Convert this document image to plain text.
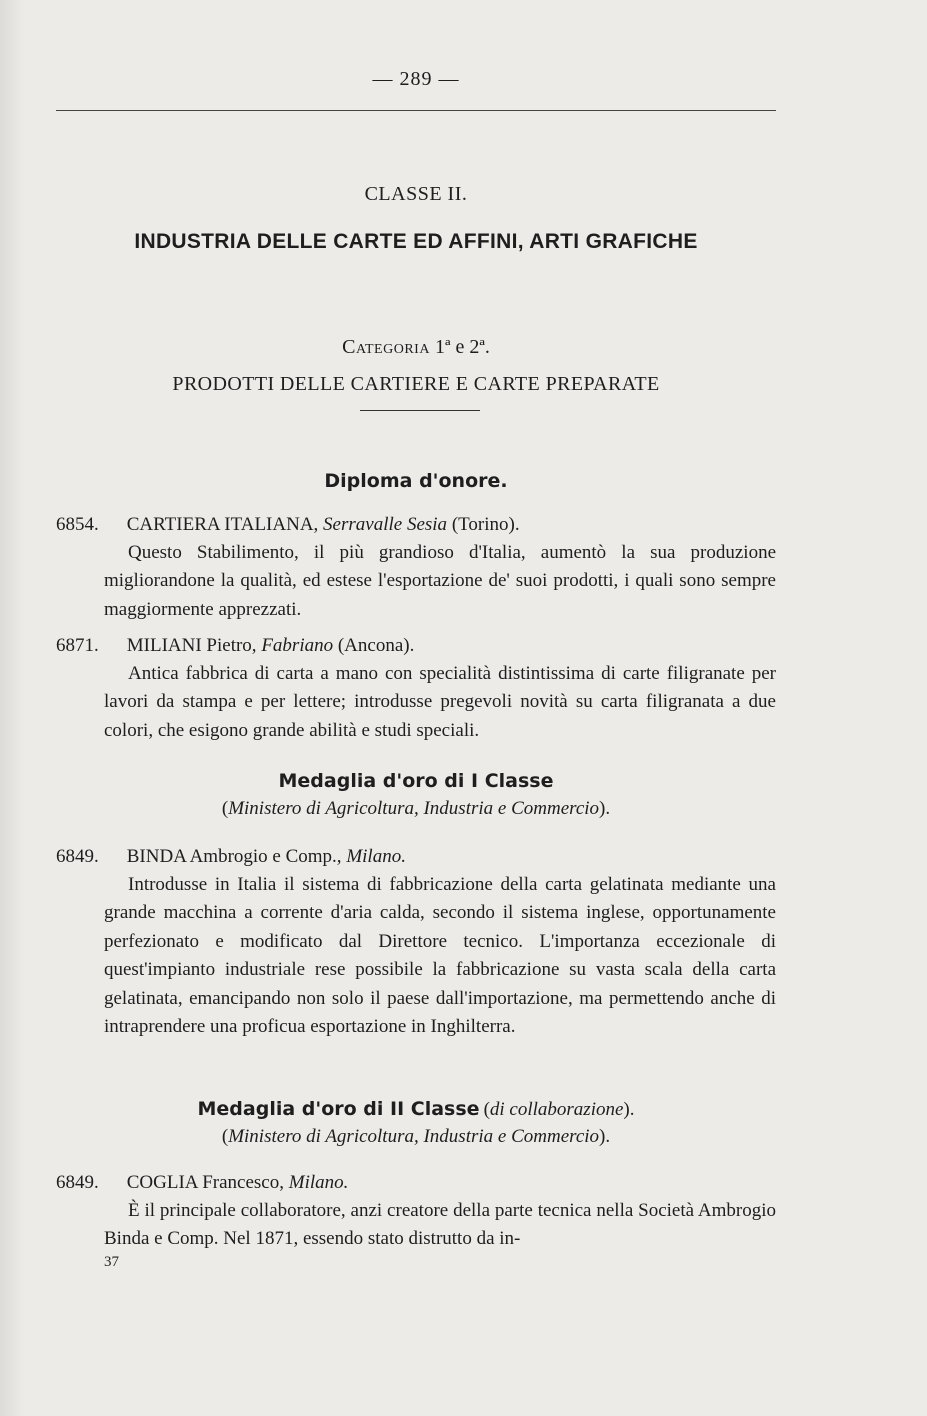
— 289 —
CLASSE II.
INDUSTRIA DELLE CARTE ED AFFINI, ARTI GRAFICHE
Categoria 1ª e 2ª.
PRODOTTI DELLE CARTIERE E CARTE PREPARATE
Diploma d'onore.
6854. CARTIERA ITALIANA, Serravalle Sesia (Torino).

Questo Stabilimento, il più grandioso d'Italia, aumentò la sua produzione migliorandone la qualità, ed estese l'esportazione de' suoi prodotti, i quali sono sempre maggiormente apprezzati.

6871. MILIANI Pietro, Fabriano (Ancona).

Antica fabbrica di carta a mano con specialità distintissima di carte filigranate per lavori da stampa e per lettere; introdusse pregevoli novità su carta filigranata a due colori, che esigono grande abilità e studi speciali.

Medaglia d'oro di I Classe
(Ministero di Agricoltura, Industria e Commercio).
6849. BINDA Ambrogio e Comp., Milano.

Introdusse in Italia il sistema di fabbricazione della carta gelatinata mediante una grande macchina a corrente d'aria calda, secondo il sistema inglese, opportunamente perfezionato e modificato dal Direttore tecnico. L'importanza eccezionale di quest'impianto industriale rese possibile la fabbricazione su vasta scala della carta gelatinata, emancipando non solo il paese dall'importazione, ma permettendo anche di intraprendere una proficua esportazione in Inghilterra.

Medaglia d'oro di II Classe (di collaborazione).
(Ministero di Agricoltura, Industria e Commercio).
6849. COGLIA Francesco, Milano.

È il principale collaboratore, anzi creatore della parte tecnica nella Società Ambrogio Binda e Comp. Nel 1871, essendo stato distrutto da in-

37
